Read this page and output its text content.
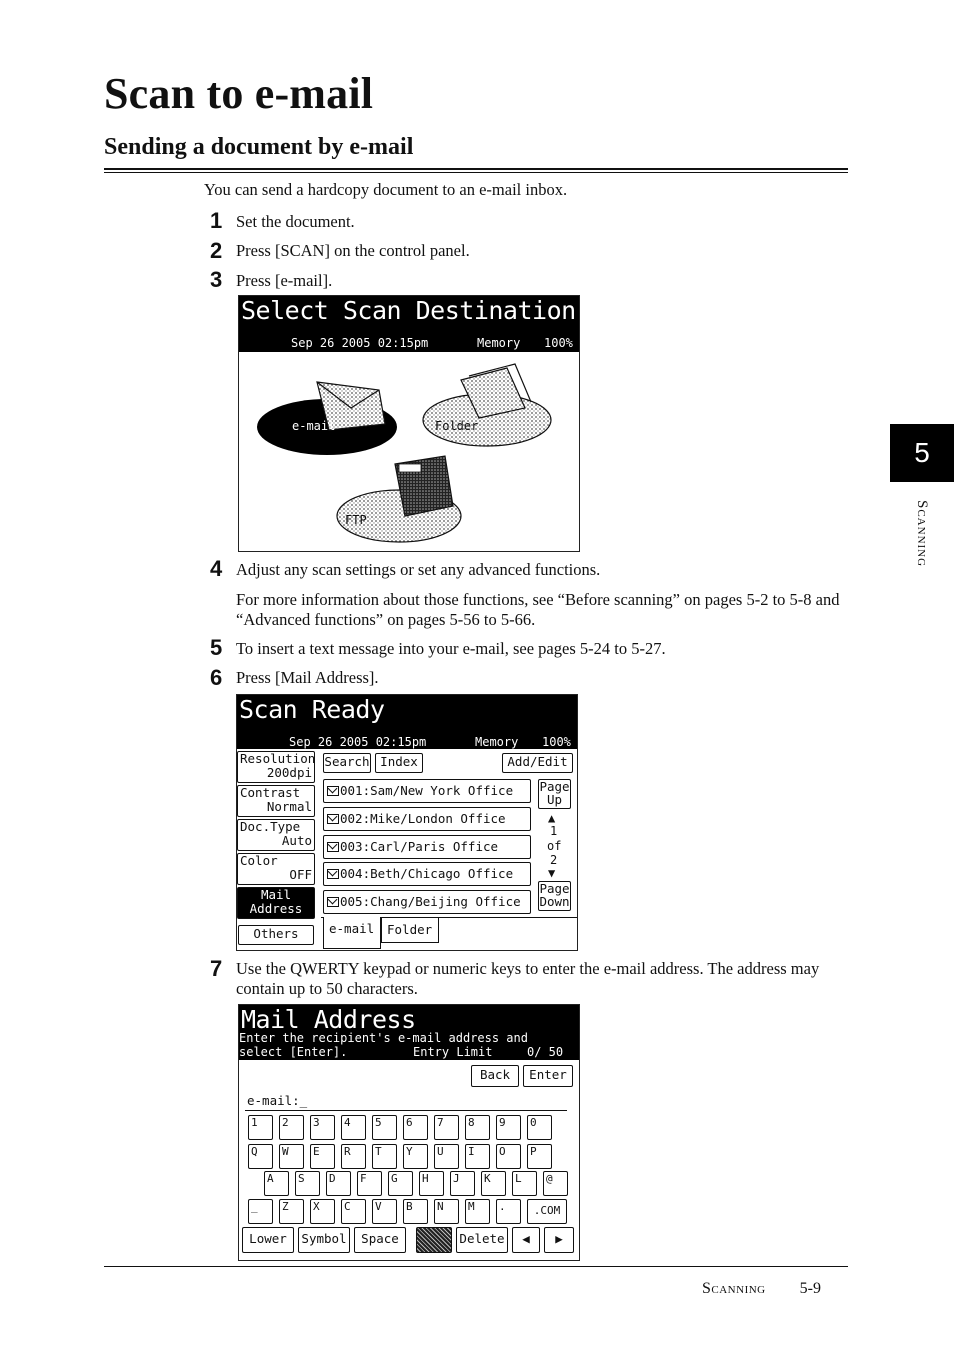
Scan to e-mail
Sending a document by e-mail
You can send a hardcopy document to an e-mail inbox.
1 Set the document.
2 Press [SCAN] on the control panel.
3 Press [e-mail].
Select Scan Destination
Sep 26 2005 02:15pm	Memory 100%
e-mail	Folder
FTP
4 Adjust any scan settings or set any advanced functions.
For more information about those functions, see “Before scanning” on pages 5-2 to 5-8 and “Advanced functions” on pages 5-56 to 5-66.
5 To insert a text message into your e-mail, see pages 5-24 to 5-27.
6 Press [Mail Address].
Scan Ready
Sep 26 2005 02:15pm	Memory 100%
Resolution
200dpi
Contrast
Normal
Doc.Type
Auto
Color
OFF
Mail
Address
Others
Search Index	Add/Edit
001:Sam/New York Office
002:Mike/London Office
003:Carl/Paris Office
004:Beth/Chicago Office
005:Chang/Beijing Office
Page
Up
▲
1
of
2
▼
Page
Down
e-mail	Folder
7 Use the QWERTY keypad or numeric keys to enter the e-mail address. The address may contain up to 50 characters.
Mail Address
Enter the recipient's e-mail address and
select [Enter].	Entry Limit	0/ 50
Back	Enter
e-mail:_
1	2	3	4	5	6	7	8	9	0
Q	W	E	R	T	Y	U	I	O	P
A	S	D	F	G	H	J	K	L	@
_	Z	X	C	V	B	N	M	.	.COM
Lower	Symbol	Space	Delete	◀	▶
5
Scanning
Scanning 5-9
